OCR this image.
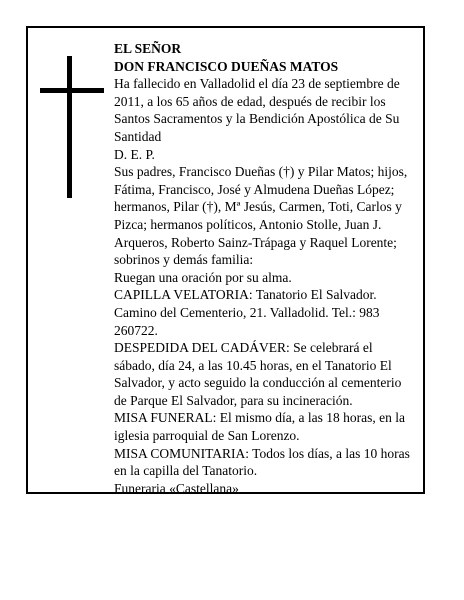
EL SEÑOR

DON FRANCISCO DUEÑAS MATOS

Ha fallecido en Valladolid el día 23 de septiembre de 2011, a los 65 años de edad, después de recibir los Santos Sacramentos y la Bendición Apostólica de Su Santidad

D. E. P.

Sus padres, Francisco Dueñas (†) y Pilar Matos; hijos, Fátima, Francisco, José y Almudena Dueñas López; hermanos, Pilar (†), Mª Jesús, Carmen, Toti, Carlos y Pizca; hermanos políticos, Antonio Stolle, Juan J. Arqueros, Roberto Sainz-Trápaga y Raquel Lorente; sobrinos y demás familia:

Ruegan una oración por su alma.

CAPILLA VELATORIA: Tanatorio El Salvador. Camino del Cementerio, 21. Valladolid. Tel.: 983 260722.

DESPEDIDA DEL CADÁVER: Se celebrará el sábado, día 24, a las 10.45 horas, en el Tanatorio El Salvador, y acto seguido la conducción al cementerio de Parque El Salvador, para su incineración.

MISA FUNERAL: El mismo día, a las 18 horas, en la iglesia parroquial de San Lorenzo.

MISA COMUNITARIA: Todos los días, a las 10 horas en la capilla del Tanatorio.

Funeraria «Castellana»
